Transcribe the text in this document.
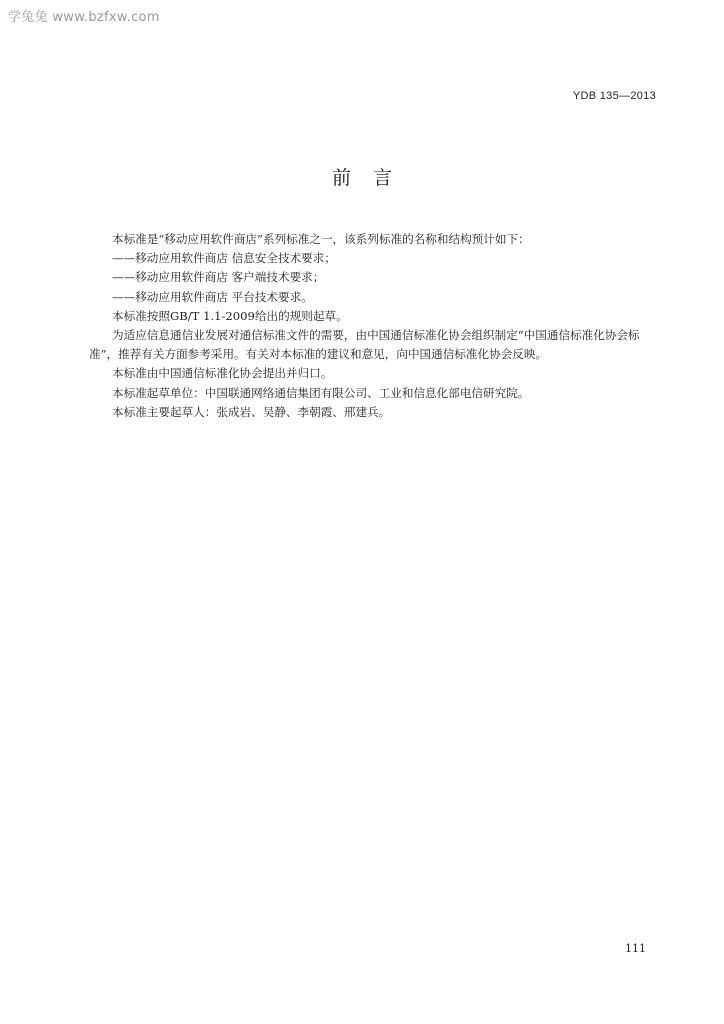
学兔兔 www.bzfxw.com
YDB 135—2013
前言

本标准是“移动应用软件商店”系列标准之一，该系列标准的名称和结构预计如下：

——移动应用软件商店 信息安全技术要求；

——移动应用软件商店 客户端技术要求；

——移动应用软件商店 平台技术要求。

本标准按照GB/T 1.1-2009给出的规则起草。

为适应信息通信业发展对通信标准文件的需要，由中国通信标准化协会组织制定“中国通信标准化协会标准”，推荐有关方面参考采用。有关对本标准的建议和意见，向中国通信标准化协会反映。

本标准由中国通信标准化协会提出并归口。

本标准起草单位：中国联通网络通信集团有限公司、工业和信息化部电信研究院。

本标准主要起草人：张成岩、吴静、李朝霞、邢建兵。

111
